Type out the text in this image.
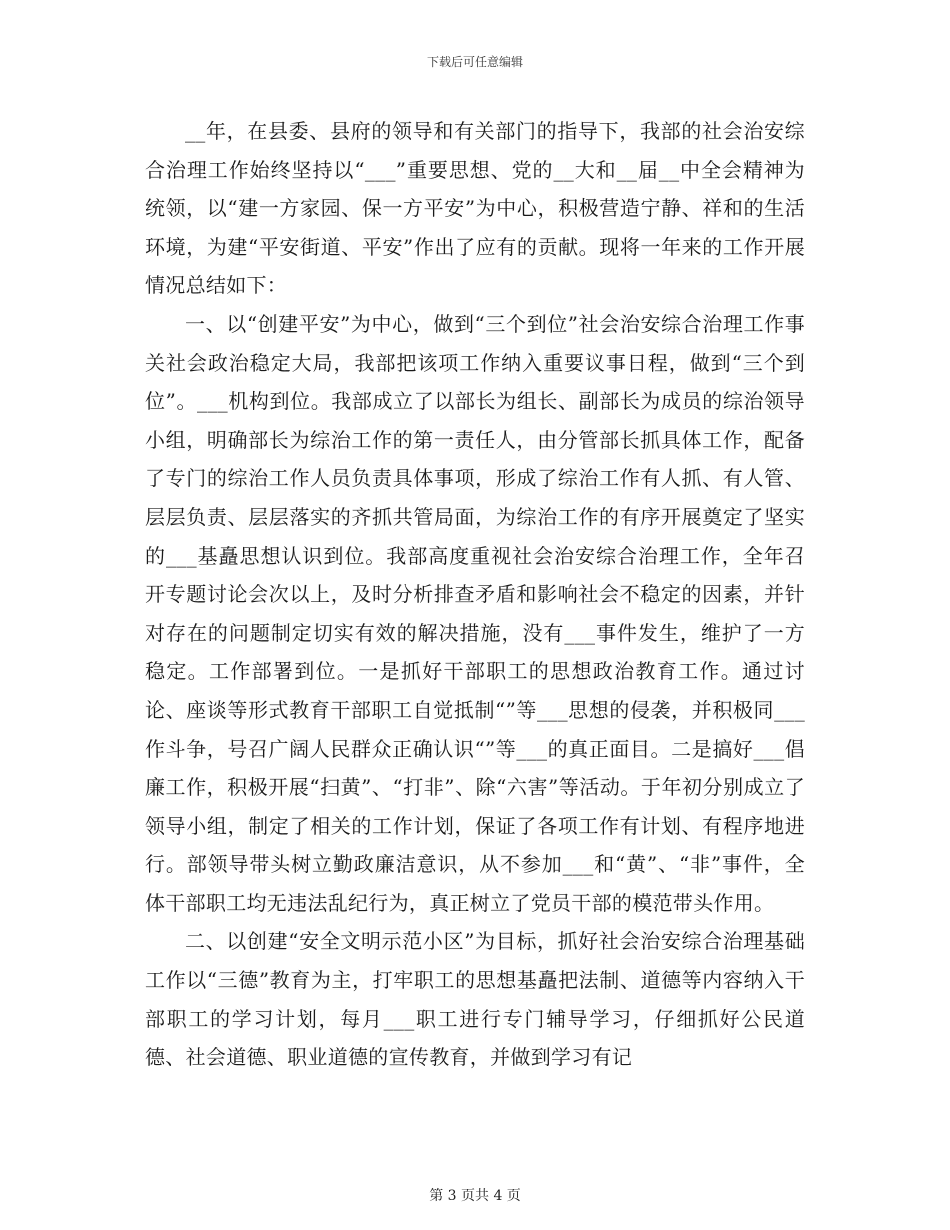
下载后可任意编辑

__年，在县委、县府的领导和有关部门的指导下，我部的社会治安综合治理工作始终坚持以“___”重要思想、党的__大和__届__中全会精神为统领，以“建一方家园、保一方平安”为中心，积极营造宁静、祥和的生活环境，为建“平安街道、平安”作出了应有的贡献。现将一年来的工作开展情况总结如下：

一、以“创建平安”为中心，做到“三个到位”社会治安综合治理工作事关社会政治稳定大局，我部把该项工作纳入重要议事日程，做到“三个到位”。___机构到位。我部成立了以部长为组长、副部长为成员的综治领导小组，明确部长为综治工作的第一责任人，由分管部长抓具体工作，配备了专门的综治工作人员负责具体事项，形成了综治工作有人抓、有人管、层层负责、层层落实的齐抓共管局面，为综治工作的有序开展奠定了坚实的___基矗思想认识到位。我部高度重视社会治安综合治理工作，全年召开专题讨论会次以上，及时分析排查矛盾和影响社会不稳定的因素，并针对存在的问题制定切实有效的解决措施，没有___事件发生，维护了一方稳定。工作部署到位。一是抓好干部职工的思想政治教育工作。通过讨论、座谈等形式教育干部职工自觉抵制“”等___思想的侵袭，并积极同___作斗争，号召广阔人民群众正确认识“”等___的真正面目。二是搞好___倡廉工作，积极开展“扫黄”、“打非”、除“六害”等活动。于年初分别成立了领导小组，制定了相关的工作计划，保证了各项工作有计划、有程序地进行。部领导带头树立勤政廉洁意识，从不参加___和“黄”、“非”事件，全体干部职工均无违法乱纪行为，真正树立了党员干部的模范带头作用。

二、以创建“安全文明示范小区”为目标，抓好社会治安综合治理基础工作以“三德”教育为主，打牢职工的思想基矗把法制、道德等内容纳入干部职工的学习计划，每月___职工进行专门辅导学习，仔细抓好公民道德、社会道德、职业道德的宣传教育，并做到学习有记

第 3 页共 4 页
